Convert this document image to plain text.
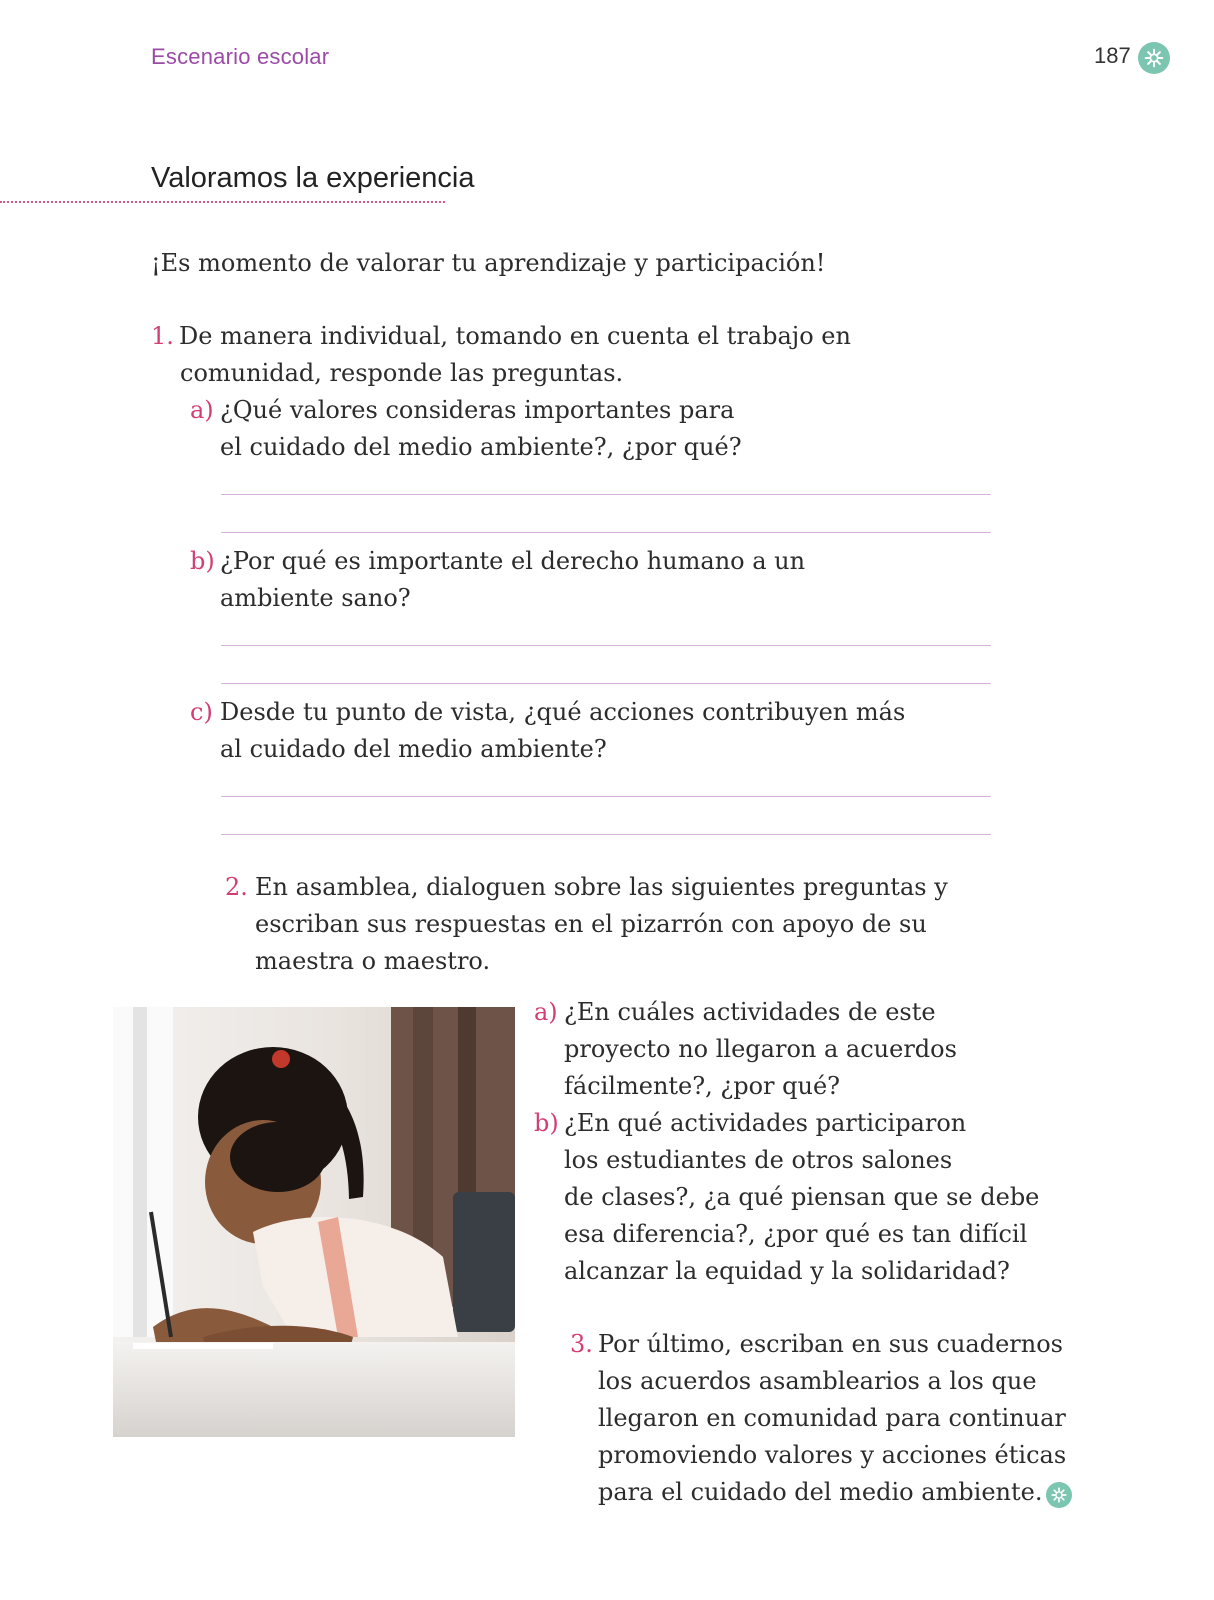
Escenario escolar	187
Valoramos la experiencia

¡Es momento de valorar tu aprendizaje y participación!

1. De manera individual, tomando en cuenta el trabajo en

comunidad, responde las preguntas.

a) ¿Qué valores consideras importantes para

el cuidado del medio ambiente?, ¿por qué?

b) ¿Por qué es importante el derecho humano a un

ambiente sano?

c) Desde tu punto de vista, ¿qué acciones contribuyen más

al cuidado del medio ambiente?

2. En asamblea, dialoguen sobre las siguientes preguntas y

escriban sus respuestas en el pizarrón con apoyo de su

maestra o maestro.

a) ¿En cuáles actividades de este

proyecto no llegaron a acuerdos

fácilmente?, ¿por qué?

b) ¿En qué actividades participaron

los estudiantes de otros salones

de clases?, ¿a qué piensan que se debe

esa diferencia?, ¿por qué es tan difícil

alcanzar la equidad y la solidaridad?

3. Por último, escriban en sus cuadernos

los acuerdos asamblearios a los que

llegaron en comunidad para continuar

promoviendo valores y acciones éticas

para el cuidado del medio ambiente.
